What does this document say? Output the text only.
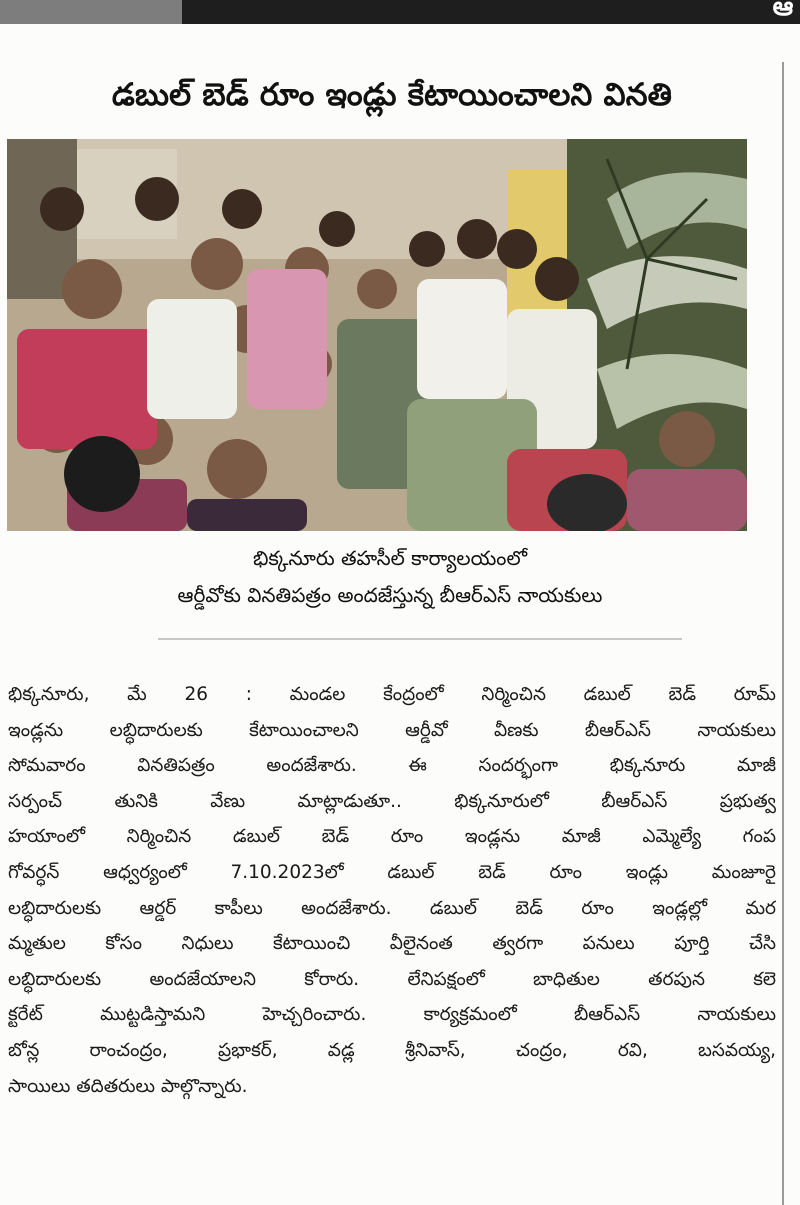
ఆ
డబుల్ బెడ్ రూం ఇండ్లు కేటాయించాలని వినతి
భిక్కనూరు తహసీల్ కార్యాలయంలో
ఆర్డీవోకు వినతిపత్రం అందజేస్తున్న బీఆర్ఎస్ నాయకులు
భిక్కనూరు, మే 26 : మండల కేంద్రంలో నిర్మించిన డబుల్ బెడ్ రూమ్
ఇండ్లను లబ్ధిదారులకు కేటాయించాలని ఆర్డీవో వీణకు బీఆర్ఎస్ నాయకులు
సోమవారం వినతిపత్రం అందజేశారు. ఈ సందర్భంగా భిక్కనూరు మాజీ
సర్పంచ్ తునికి వేణు మాట్లాడుతూ.. భిక్కనూరులో బీఆర్ఎస్ ప్రభుత్వ
హయాంలో నిర్మించిన డబుల్ బెడ్ రూం ఇండ్లను మాజీ ఎమ్మెల్యే గంప
గోవర్ధన్ ఆధ్వర్యంలో 7.10.2023లో డబుల్ బెడ్ రూం ఇండ్లు మంజూరై
లబ్ధిదారులకు ఆర్డర్ కాపీలు అందజేశారు. డబుల్ బెడ్ రూం ఇండ్లల్లో మర
మ్మతుల కోసం నిధులు కేటాయించి వీలైనంత త్వరగా పనులు పూర్తి చేసి
లబ్ధిదారులకు అందజేయాలని కోరారు. లేనిపక్షంలో బాధితుల తరపున కలె
క్టరేట్ ముట్టడిస్తామని హెచ్చరించారు. కార్యక్రమంలో బీఆర్ఎస్ నాయకులు
బోన్ల రాంచంద్రం, ప్రభాకర్, వడ్ల శ్రీనివాస్, చంద్రం, రవి, బసవయ్య,
సాయిలు తదితరులు పాల్గొన్నారు.
